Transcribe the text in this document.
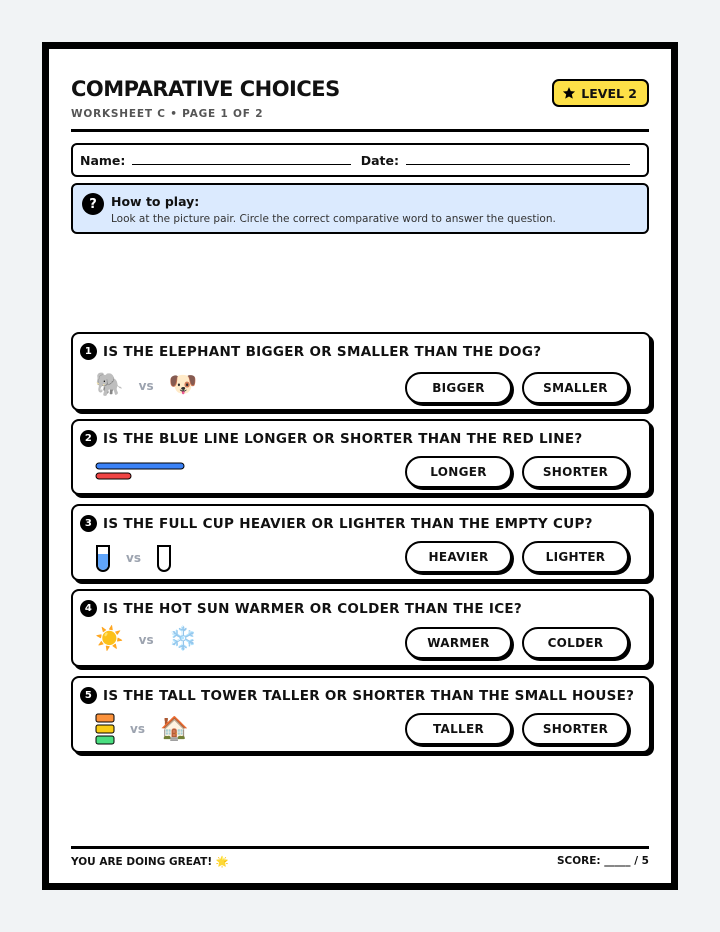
COMPARATIVE CHOICES
WORKSHEET C • PAGE 1 OF 2
LEVEL 2
Name:	Date:
?	How to play:
Look at the picture pair. Circle the correct comparative word to answer the question.
1 IS THE ELEPHANT BIGGER OR SMALLER THAN THE DOG?
🐘 vs 🐶	BIGGER	SMALLER
2 IS THE BLUE LINE LONGER OR SHORTER THAN THE RED LINE?
LONGER	SHORTER
3 IS THE FULL CUP HEAVIER OR LIGHTER THAN THE EMPTY CUP?
vs	HEAVIER	LIGHTER
4 IS THE HOT SUN WARMER OR COLDER THAN THE ICE?
☀️ vs ❄️	WARMER	COLDER
5 IS THE TALL TOWER TALLER OR SHORTER THAN THE SMALL HOUSE?
vs 🏠	TALLER	SHORTER
YOU ARE DOING GREAT! 🌟	SCORE: _____ / 5
